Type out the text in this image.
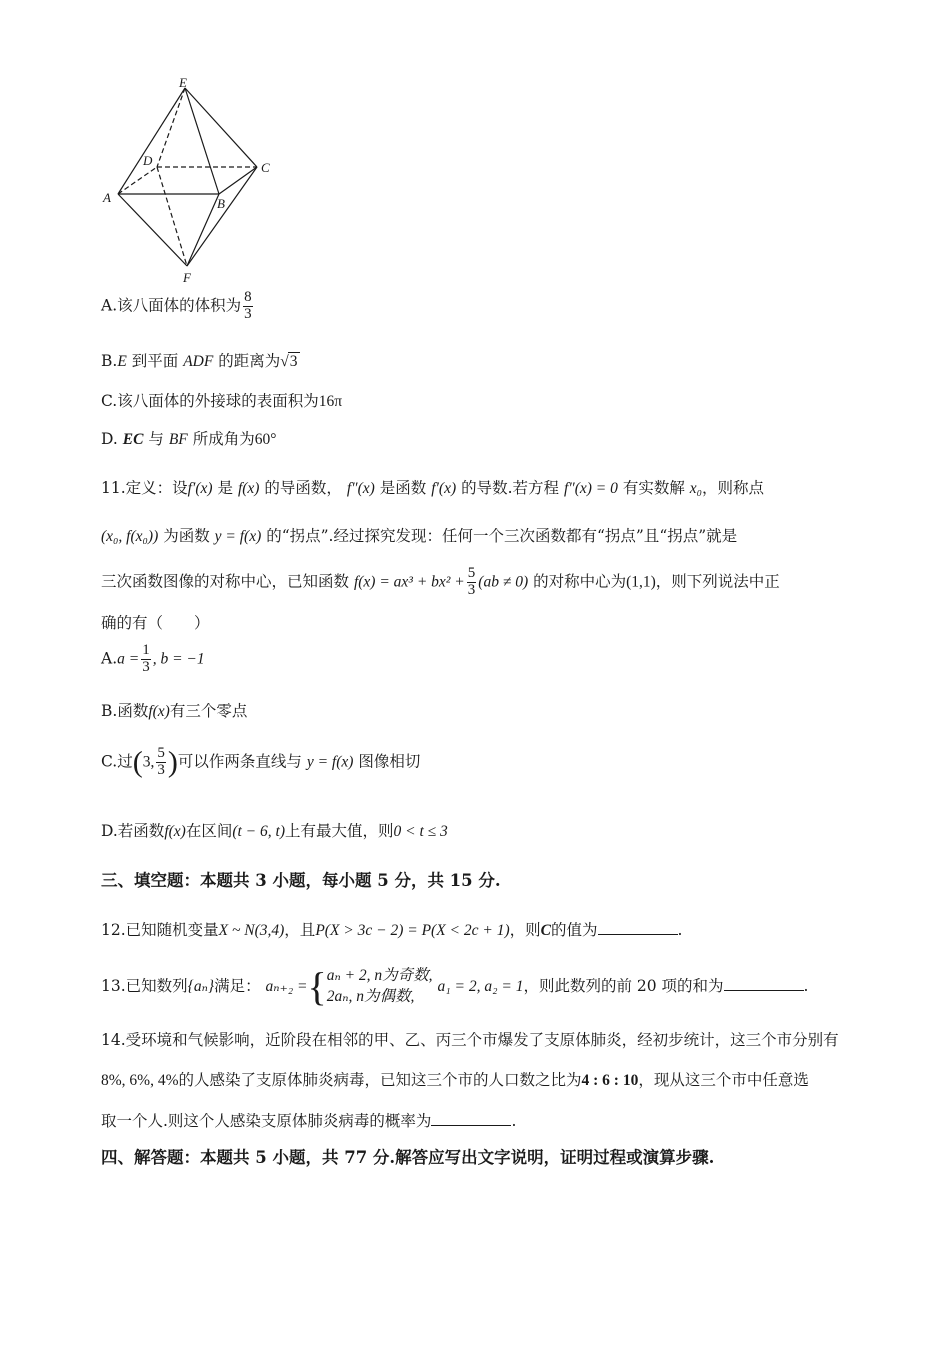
E
D	C
A	B
F
A.该八面体的体积为 $\frac{8}{3}$
B.E 到平面 ADF 的距离为√3
C.该八面体的外接球的表面积为16π
D. EC 与 BF 所成角为60°
11.定义：设f′(x) 是 f(x) 的导函数， f″(x) 是函数 f′(x) 的导数.若方程 f″(x) = 0 有实数解 x₀，则称点
(x₀, f(x₀)) 为函数 y = f(x) 的“拐点”.经过探究发现：任何一个三次函数都有“拐点”且“拐点”就是
三次函数图像的对称中心，已知函数 $f(x) = ax^3 + bx^2 + \frac{5}{3} (ab \ne 0)$ 的对称中心为(1,1)，则下列说法中正
确的有（　　）
$A.a = \frac{1}{3}$ , b = −1
B.函数f(x)有三个零点
C.过(3, $\frac{5}{3}$ )可以作两条直线与 y = f(x) 图像相切
D.若函数f(x)在区间(t − 6, t)上有最大值，则0 < t ≤ 3
三、填空题：本题共 3 小题，每小题 5 分，共 15 分.
12.已知随机变量X ~ N(3,4)，且P(X > 3c − 2) = P(X < 2c + 1)，则C的值为	.
13.已知数列{aₙ}满足： aₙ₊₂ ={ aₙ + 2, n为奇数,
2aₙ, n为偶数,
a₁ = 2, a₂ = 1，则此数列的前 20 项的和为	.
14.受环境和气候影响，近阶段在相邻的甲、乙、丙三个市爆发了支原体肺炎，经初步统计，这三个市分别有
8%, 6%, 4%的人感染了支原体肺炎病毒，已知这三个市的人口数之比为4 : 6 : 10，现从这三个市中任意选
取一个人.则这个人感染支原体肺炎病毒的概率为	.
四、解答题：本题共 5 小题，共 77 分.解答应写出文字说明，证明过程或演算步骤.
